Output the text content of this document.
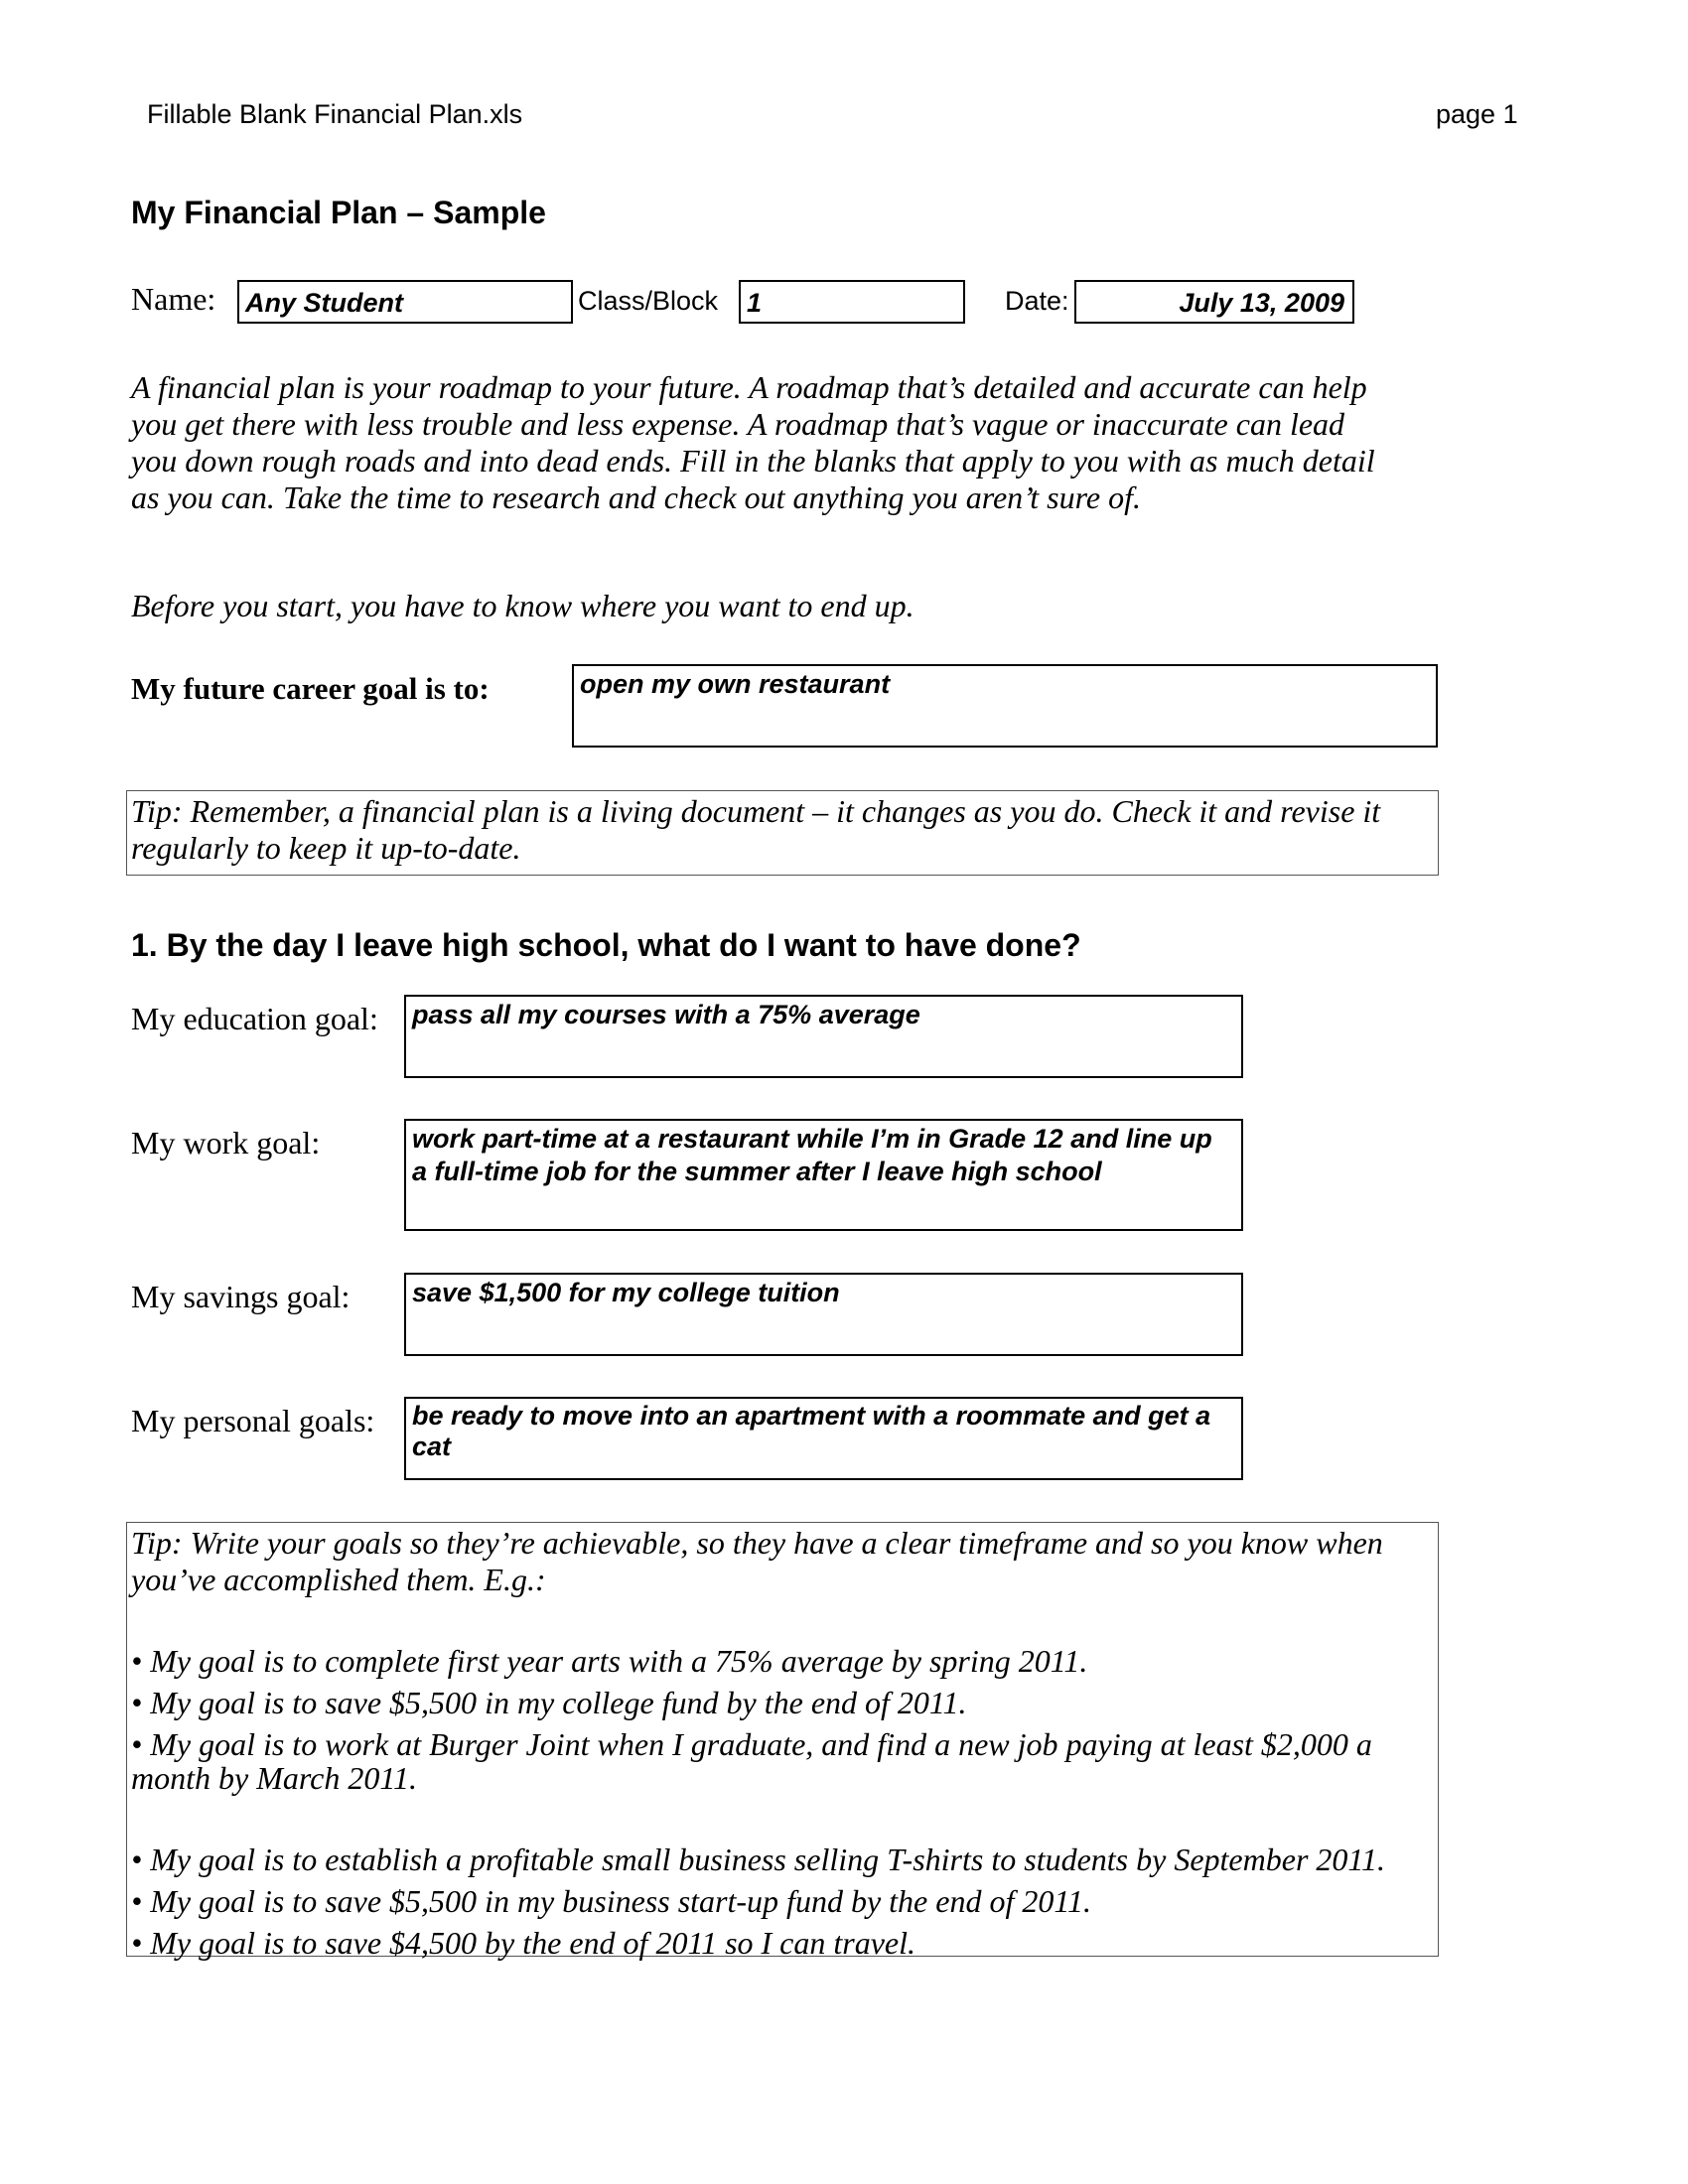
Fillable Blank Financial Plan.xls	page 1
My Financial Plan – Sample
Name: Any Student	Class/Block 1	Date:	July 13, 2009
A financial plan is your roadmap to your future. A roadmap that’s detailed and accurate can help
you get there with less trouble and less expense. A roadmap that’s vague or inaccurate can lead
you down rough roads and into dead ends. Fill in the blanks that apply to you with as much detail
as you can. Take the time to research and check out anything you aren’t sure of.
Before you start, you have to know where you want to end up.
My future career goal is to:	open my own restaurant
Tip: Remember, a financial plan is a living document – it changes as you do. Check it and revise it
regularly to keep it up-to-date.
1. By the day I leave high school, what do I want to have done?
My education goal: pass all my courses with a 75% average
My work goal:	work part-time at a restaurant while I’m in Grade 12 and line up
a full-time job for the summer after I leave high school
My savings goal: save $1,500 for my college tuition
My personal goals: be ready to move into an apartment with a roommate and get a
cat
Tip: Write your goals so they’re achievable, so they have a clear timeframe and so you know when
you’ve accomplished them. E.g.:
• My goal is to complete first year arts with a 75% average by spring 2011.
• My goal is to save $5,500 in my college fund by the end of 2011.
• My goal is to work at Burger Joint when I graduate, and find a new job paying at least $2,000 a
month by March 2011.
• My goal is to establish a profitable small business selling T-shirts to students by September 2011.
• My goal is to save $5,500 in my business start-up fund by the end of 2011.
• My goal is to save $4,500 by the end of 2011 so I can travel.
